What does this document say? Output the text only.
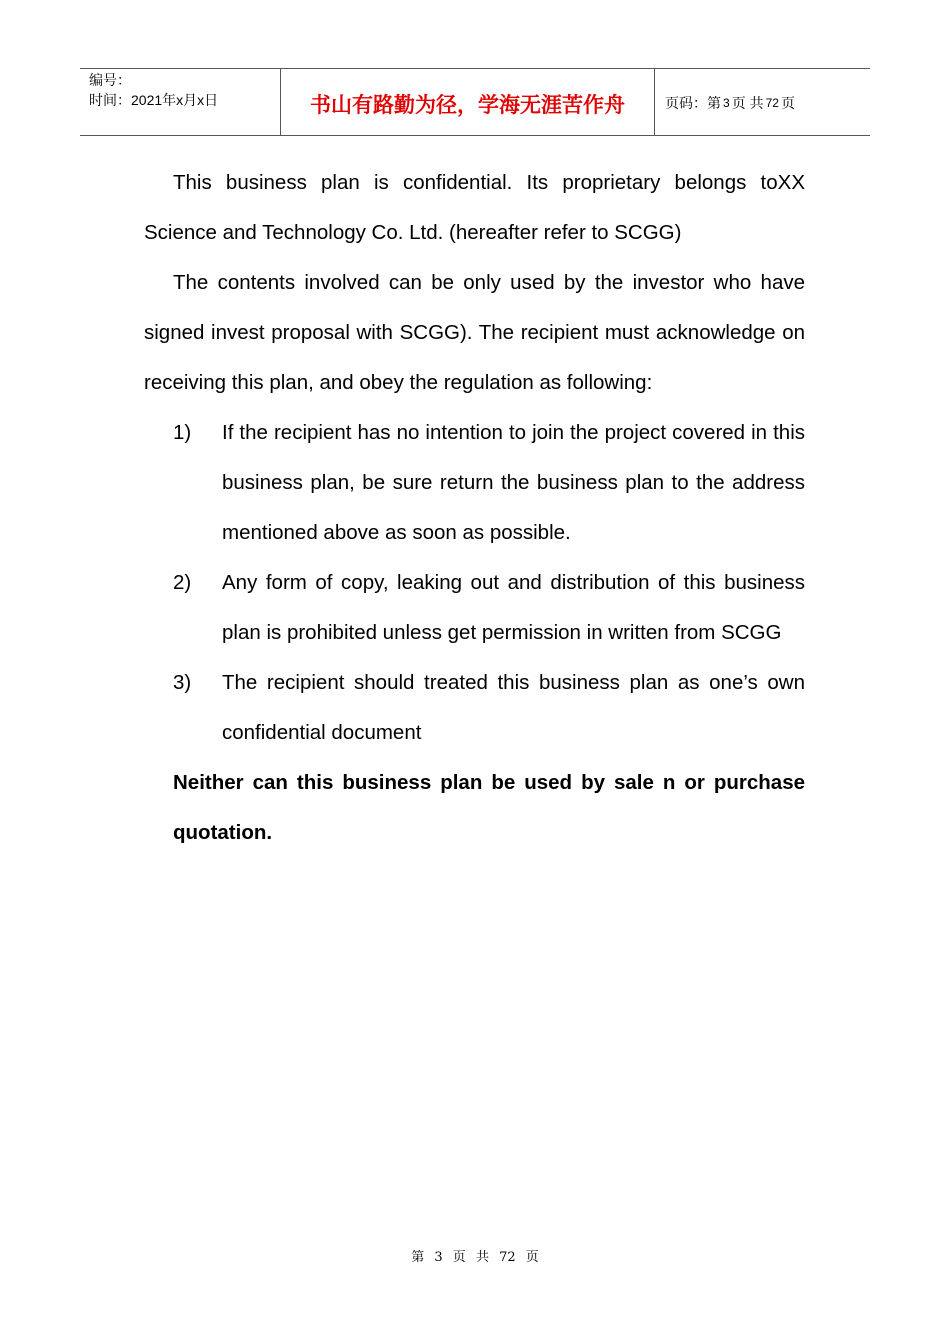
编号：
时间：2021年x月x日	书山有路勤为径，学海无涯苦作舟	页码：第 3 页 共 72 页

This business plan is confidential. Its proprietary belongs toXX Science and Technology Co. Ltd. (hereafter refer to SCGG)

The contents involved can be only used by the investor who have signed invest proposal with SCGG). The recipient must acknowledge on receiving this plan, and obey the regulation as following:

1)	If the recipient has no intention to join the project covered in this business plan, be sure return the business plan to the address mentioned above as soon as possible.
2)	Any form of copy, leaking out and distribution of this business plan is prohibited unless get permission in written from SCGG
3)	The recipient should treated this business plan as one’s own confidential document

Neither can this business plan be used by sale n or purchase quotation.

第 3 页 共 72 页
